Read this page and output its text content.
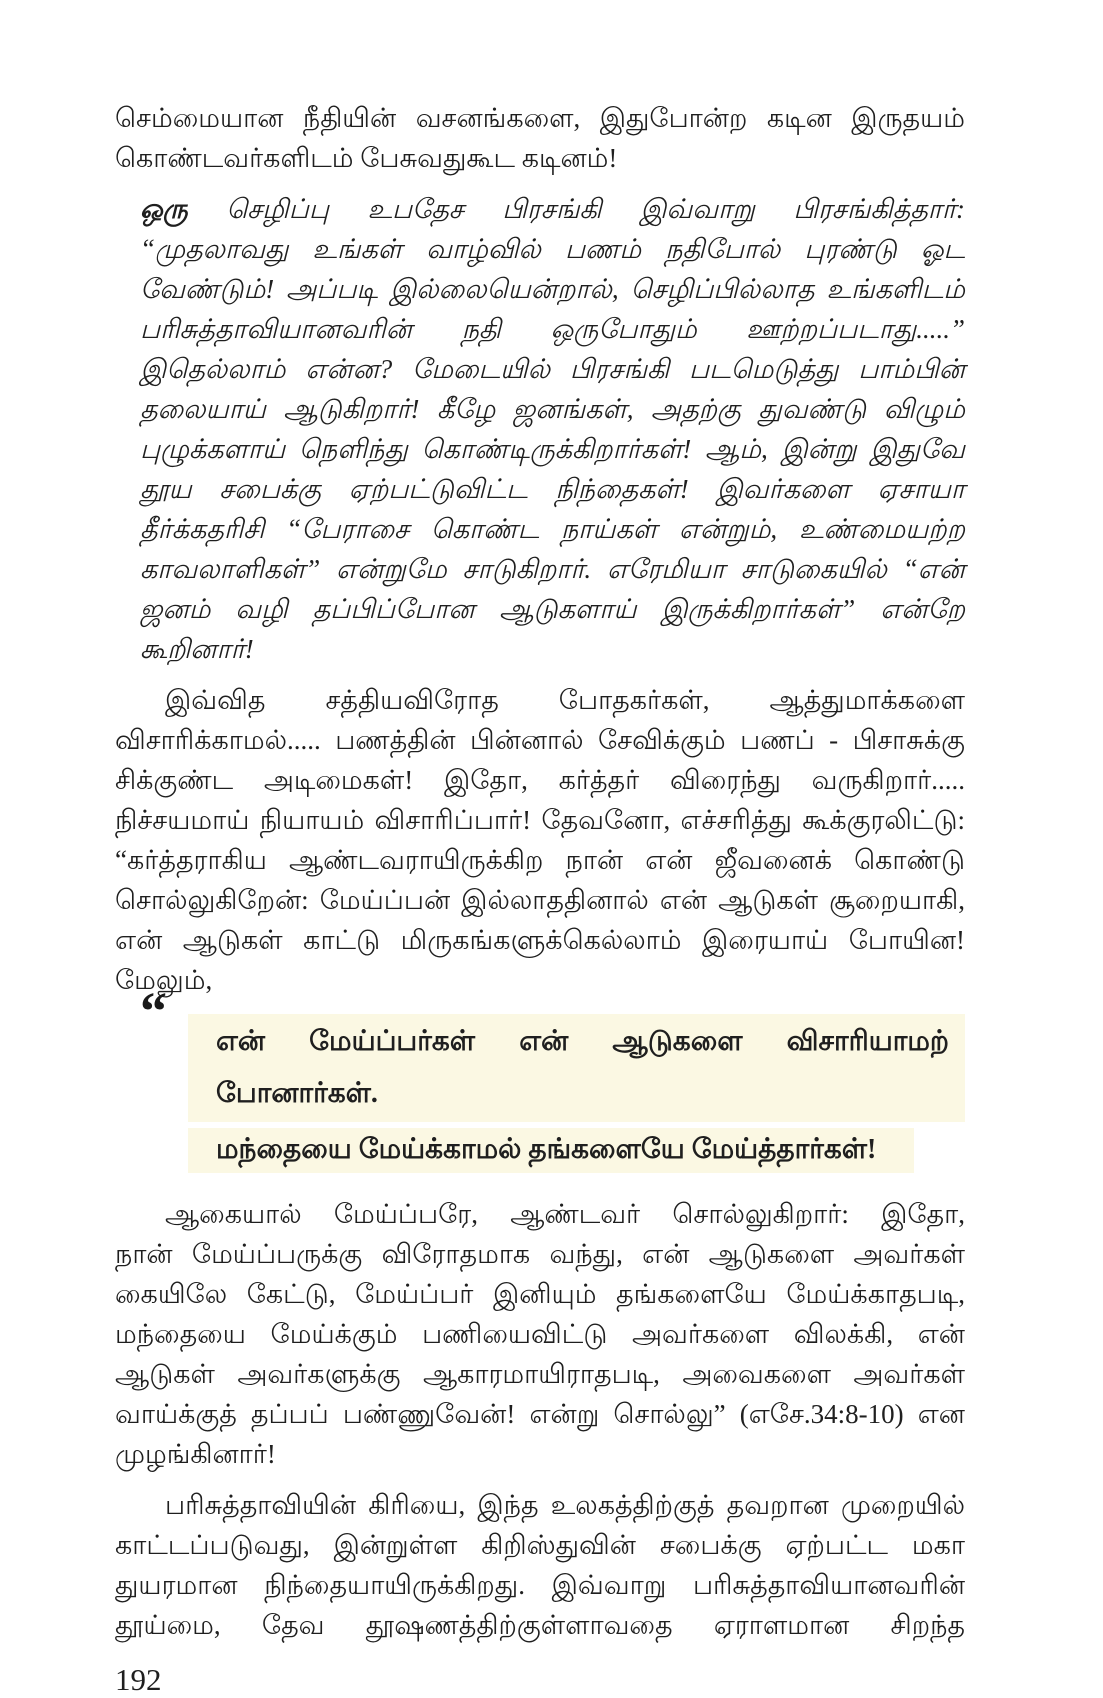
செம்மையான நீதியின் வசனங்களை, இதுபோன்ற கடின இருதயம்
கொண்டவர்களிடம் பேசுவதுகூட கடினம்!
ஒரு செழிப்பு உபதேச பிரசங்கி இவ்வாறு பிரசங்கித்தார்:
“முதலாவது உங்கள் வாழ்வில் பணம் நதிபோல் புரண்டு ஓட
வேண்டும்! அப்படி இல்லையென்றால், செழிப்பில்லாத உங்களிடம்
பரிசுத்தாவியானவரின் நதி ஒருபோதும் ஊற்றப்படாது.....”
இதெல்லாம் என்ன? மேடையில் பிரசங்கி படமெடுத்து பாம்பின்
தலையாய் ஆடுகிறார்! கீழே ஜனங்கள், அதற்கு துவண்டு விழும்
புழுக்களாய் நெளிந்து கொண்டிருக்கிறார்கள்! ஆம், இன்று இதுவே
தூய சபைக்கு ஏற்பட்டுவிட்ட நிந்தைகள்! இவர்களை ஏசாயா
தீர்க்கதரிசி “பேராசை கொண்ட நாய்கள் என்றும், உண்மையற்ற
காவலாளிகள்” என்றுமே சாடுகிறார். எரேமியா சாடுகையில் “என்
ஜனம் வழி தப்பிப்போன ஆடுகளாய் இருக்கிறார்கள்” என்றே
கூறினார்!
இவ்வித சத்தியவிரோத போதகர்கள், ஆத்துமாக்களை
விசாரிக்காமல்..... பணத்தின் பின்னால் சேவிக்கும் பணப் - பிசாசுக்கு
சிக்குண்ட அடிமைகள்! இதோ, கர்த்தர் விரைந்து வருகிறார்.....
நிச்சயமாய் நியாயம் விசாரிப்பார்! தேவனோ, எச்சரித்து கூக்குரலிட்டு:
“கர்த்தராகிய ஆண்டவராயிருக்கிற நான் என் ஜீவனைக் கொண்டு
சொல்லுகிறேன்: மேய்ப்பன் இல்லாததினால் என் ஆடுகள் சூறையாகி,
என் ஆடுகள் காட்டு மிருகங்களுக்கெல்லாம் இரையாய் போயின!
மேலும்,
“
என் மேய்ப்பர்கள் என் ஆடுகளை விசாரியாமற் போனார்கள்.
மந்தையை மேய்க்காமல் தங்களையே மேய்த்தார்கள்!
ஆகையால் மேய்ப்பரே, ஆண்டவர் சொல்லுகிறார்: இதோ,
நான் மேய்ப்பருக்கு விரோதமாக வந்து, என் ஆடுகளை அவர்கள்
கையிலே கேட்டு, மேய்ப்பர் இனியும் தங்களையே மேய்க்காதபடி,
மந்தையை மேய்க்கும் பணியைவிட்டு அவர்களை விலக்கி, என்
ஆடுகள் அவர்களுக்கு ஆகாரமாயிராதபடி, அவைகளை அவர்கள்
வாய்க்குத் தப்பப் பண்ணுவேன்! என்று சொல்லு” (எசே.34:8-10) என
முழங்கினார்!
பரிசுத்தாவியின் கிரியை, இந்த உலகத்திற்குத் தவறான முறையில்
காட்டப்படுவது, இன்றுள்ள கிறிஸ்துவின் சபைக்கு ஏற்பட்ட மகா
துயரமான நிந்தையாயிருக்கிறது. இவ்வாறு பரிசுத்தாவியானவரின்
தூய்மை, தேவ தூஷணத்திற்குள்ளாவதை ஏராளமான சிறந்த
192
